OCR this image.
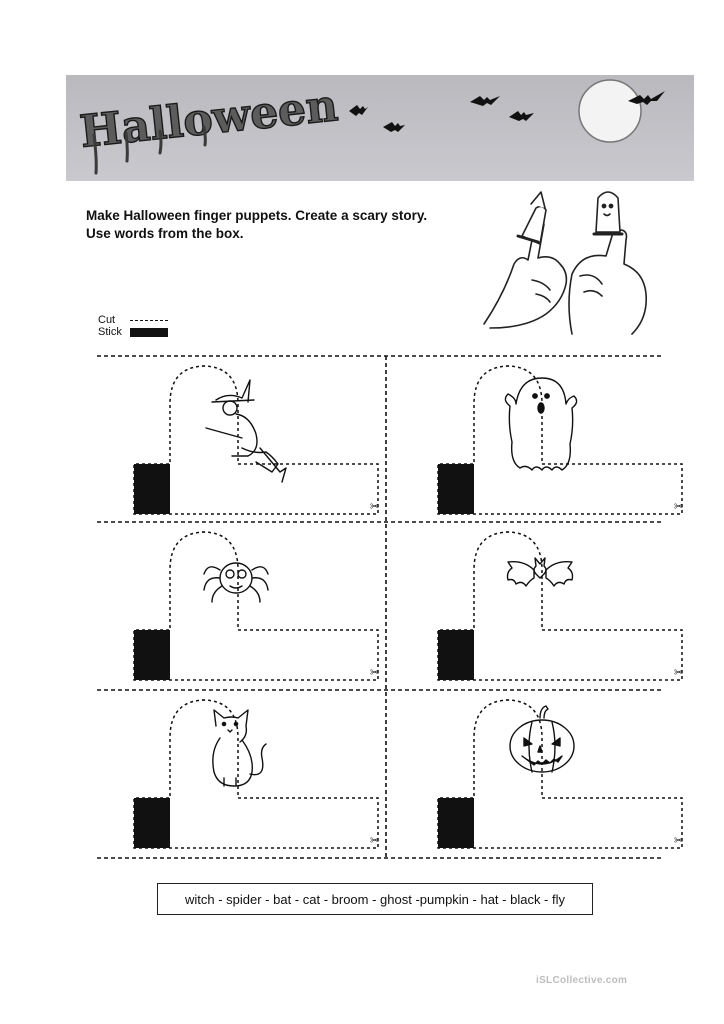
Halloween
Make Halloween finger puppets. Create a scary story.
Use words from the box.
Cut
Stick
witch - spider - bat - cat - broom - ghost -pumpkin - hat - black - fly
iSLCollective.com
